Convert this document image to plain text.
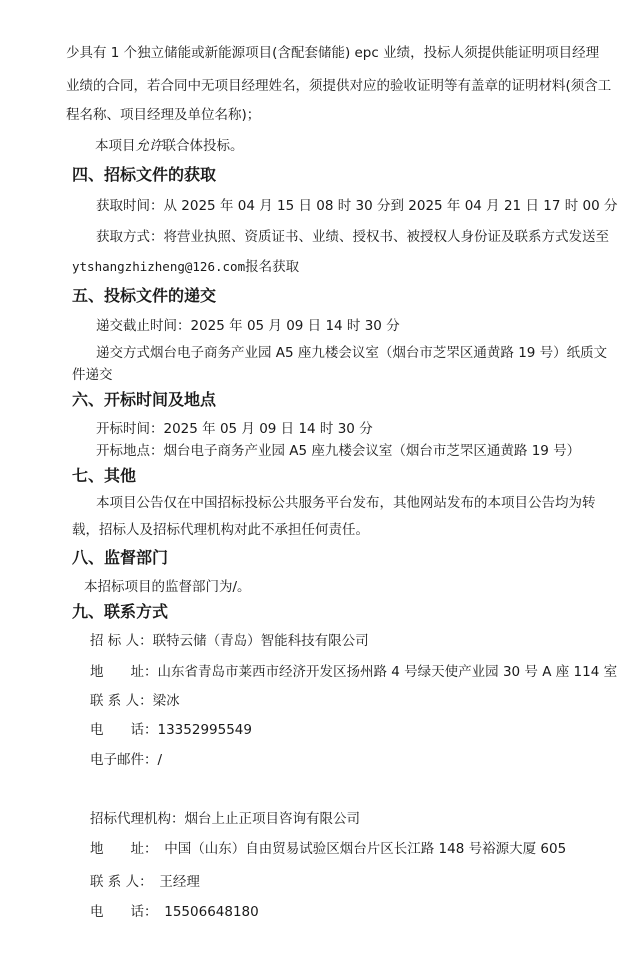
少具有 1 个独立储能或新能源项目(含配套储能) epc 业绩，投标人须提供能证明项目经理
业绩的合同，若合同中无项目经理姓名，须提供对应的验收证明等有盖章的证明材料(须含工
程名称、项目经理及单位名称)；
本项目允许联合体投标。
四、招标文件的获取
获取时间：从 2025 年 04 月 15 日 08 时 30 分到 2025 年 04 月 21 日 17 时 00 分
获取方式：将营业执照、资质证书、业绩、授权书、被授权人身份证及联系方式发送至
ytshangzhizheng@126.com报名获取
五、投标文件的递交
递交截止时间：2025 年 05 月 09 日 14 时 30 分
递交方式烟台电子商务产业园 A5 座九楼会议室（烟台市芝罘区通黄路 19 号）纸质文
件递交
六、开标时间及地点
开标时间：2025 年 05 月 09 日 14 时 30 分
开标地点：烟台电子商务产业园 A5 座九楼会议室（烟台市芝罘区通黄路 19 号）
七、其他
本项目公告仅在中国招标投标公共服务平台发布，其他网站发布的本项目公告均为转
载，招标人及招标代理机构对此不承担任何责任。
八、监督部门
本招标项目的监督部门为/。
九、联系方式
招 标 人：联特云储（青岛）智能科技有限公司
地　　址：山东省青岛市莱西市经济开发区扬州路 4 号绿天使产业园 30 号 A 座 114 室
联 系 人：梁冰
电　　话：13352995549
电子邮件：/
招标代理机构：烟台上止正项目咨询有限公司
地　　址：　中国（山东）自由贸易试验区烟台片区长江路 148 号裕源大厦 605
联 系 人：　王经理
电　　话：　15506648180
